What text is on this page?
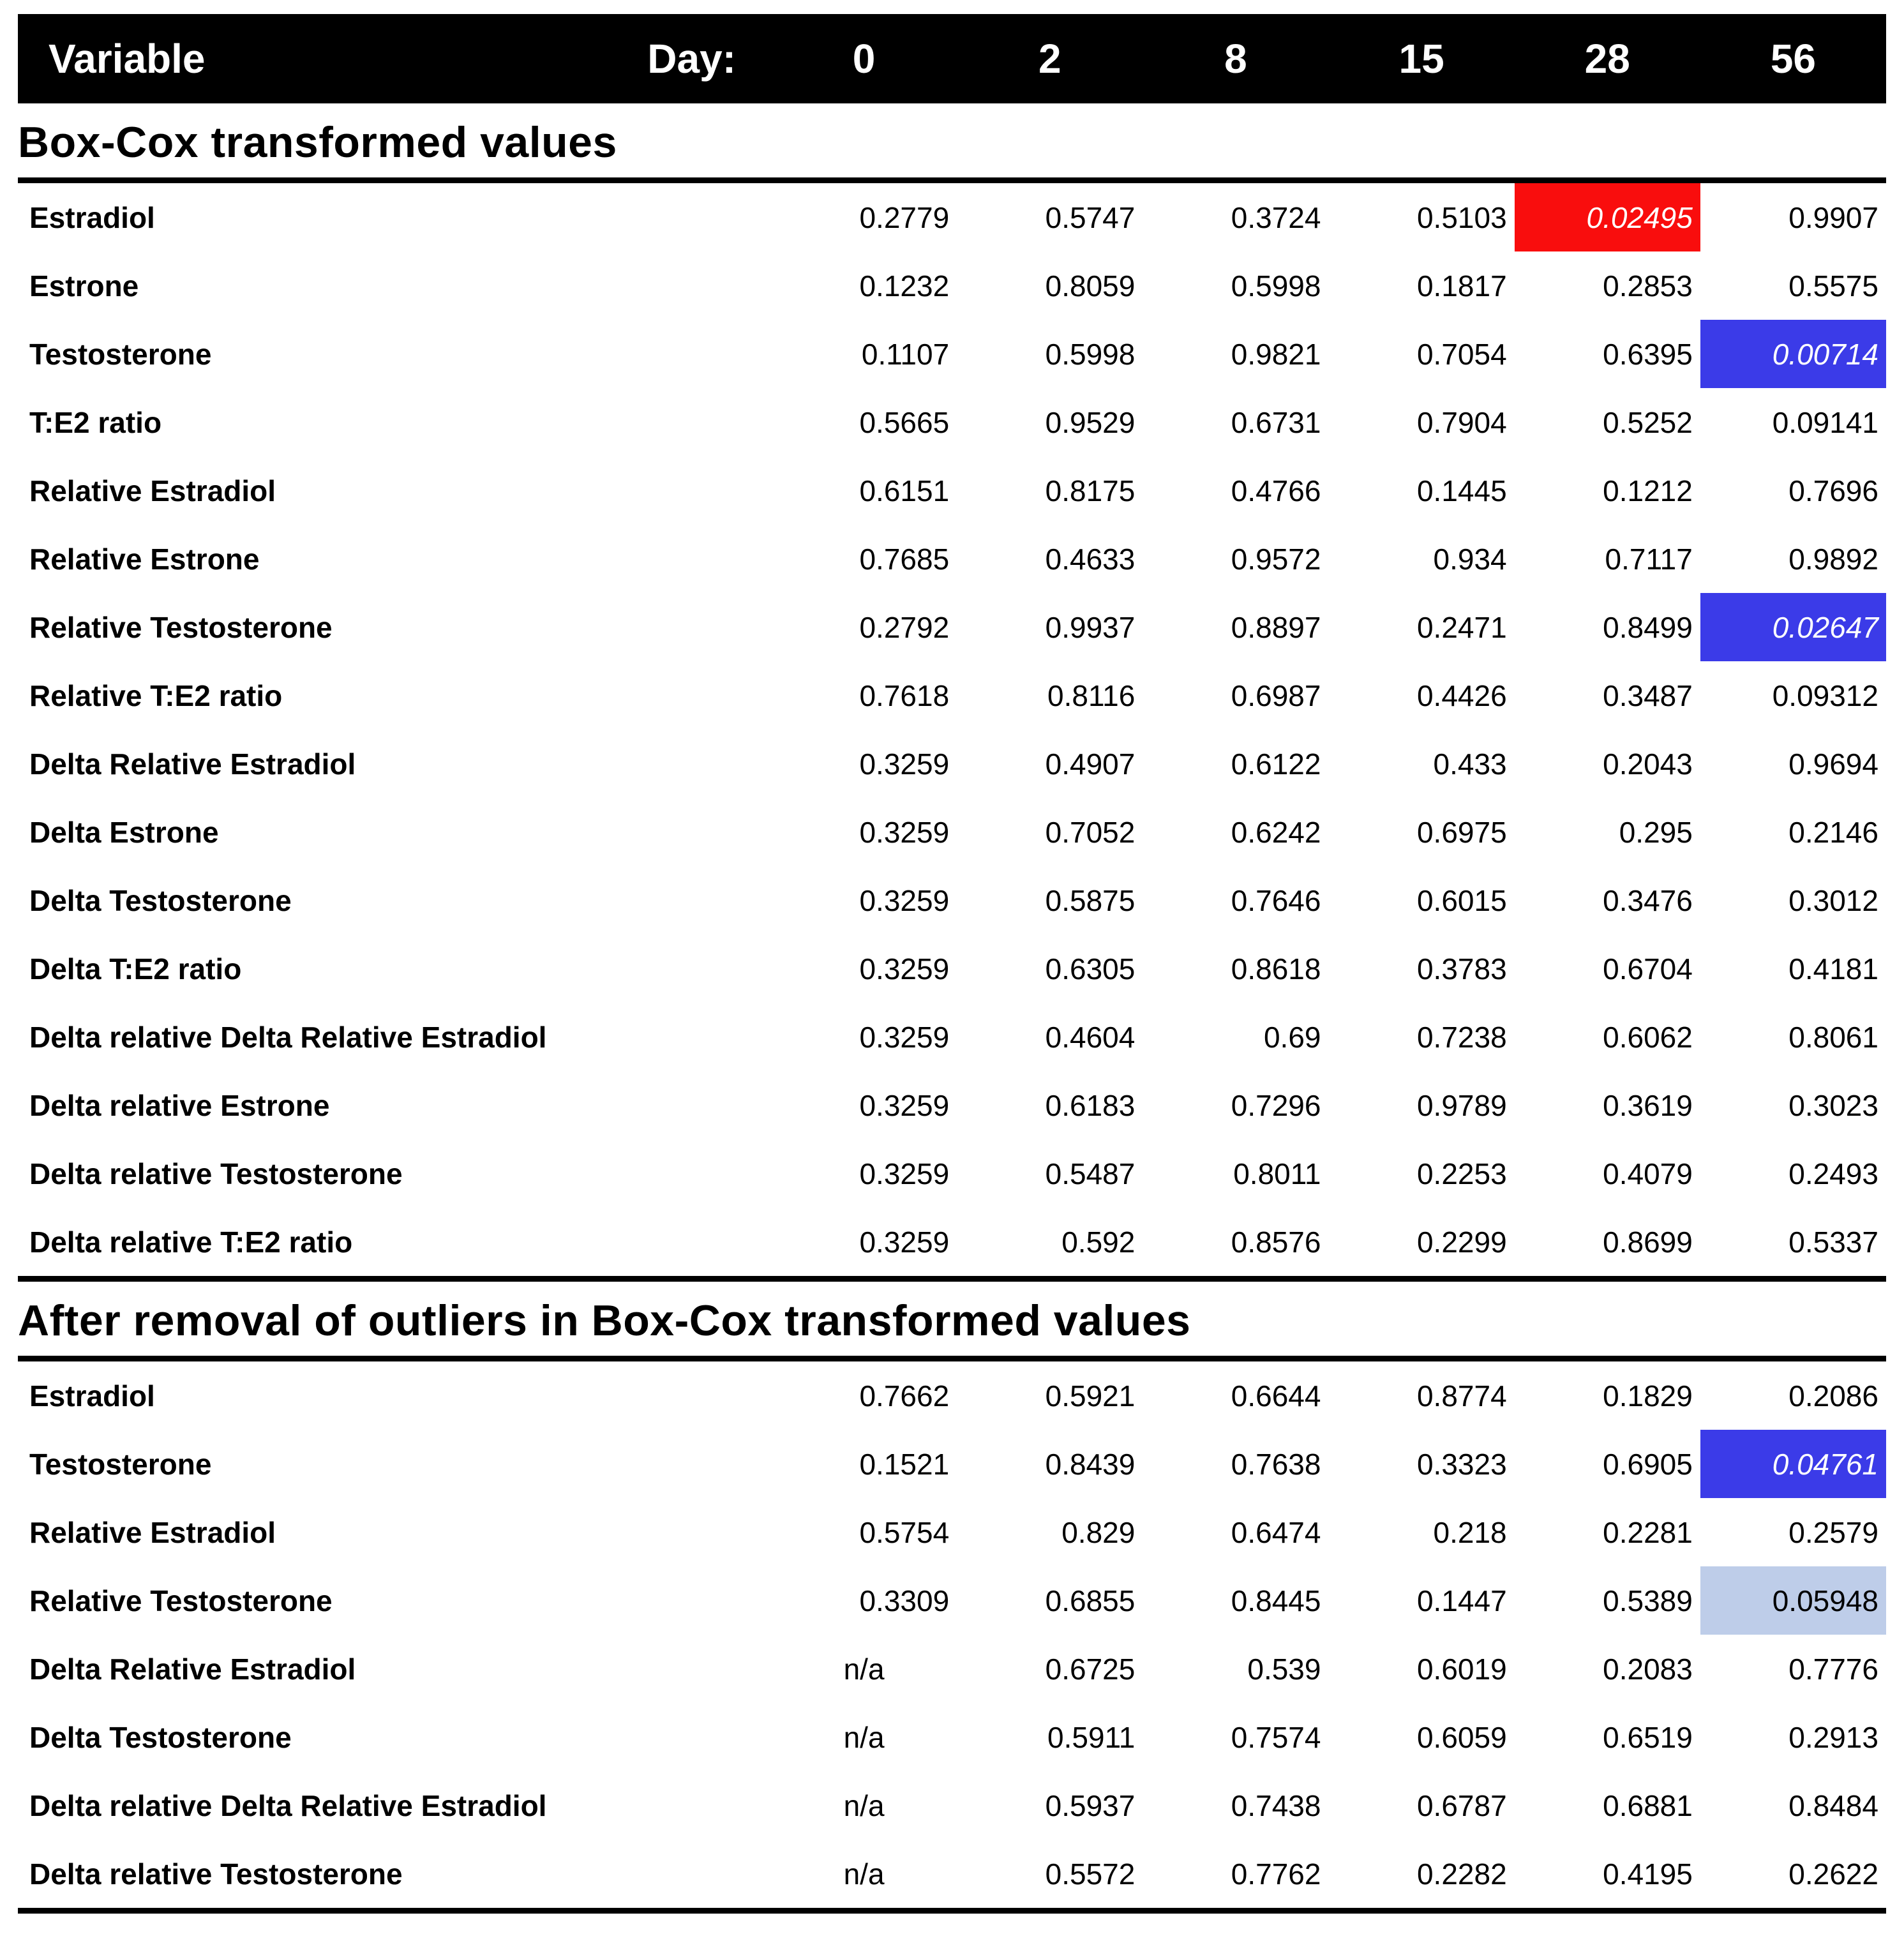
Variable	Day:	0	2	8	15	28	56
Box-Cox transformed values
Estradiol	0.2779	0.5747	0.3724	0.5103	0.02495	0.9907
Estrone	0.1232	0.8059	0.5998	0.1817	0.2853	0.5575
Testosterone	0.1107	0.5998	0.9821	0.7054	0.6395	0.00714
T:E2 ratio	0.5665	0.9529	0.6731	0.7904	0.5252	0.09141
Relative Estradiol	0.6151	0.8175	0.4766	0.1445	0.1212	0.7696
Relative Estrone	0.7685	0.4633	0.9572	0.934	0.7117	0.9892
Relative Testosterone	0.2792	0.9937	0.8897	0.2471	0.8499	0.02647
Relative T:E2 ratio	0.7618	0.8116	0.6987	0.4426	0.3487	0.09312
Delta Relative Estradiol	0.3259	0.4907	0.6122	0.433	0.2043	0.9694
Delta Estrone	0.3259	0.7052	0.6242	0.6975	0.295	0.2146
Delta Testosterone	0.3259	0.5875	0.7646	0.6015	0.3476	0.3012
Delta T:E2 ratio	0.3259	0.6305	0.8618	0.3783	0.6704	0.4181
Delta relative Delta Relative Estradiol	0.3259	0.4604	0.69	0.7238	0.6062	0.8061
Delta relative Estrone	0.3259	0.6183	0.7296	0.9789	0.3619	0.3023
Delta relative Testosterone	0.3259	0.5487	0.8011	0.2253	0.4079	0.2493
Delta relative T:E2 ratio	0.3259	0.592	0.8576	0.2299	0.8699	0.5337
After removal of outliers in Box-Cox transformed values
Estradiol	0.7662	0.5921	0.6644	0.8774	0.1829	0.2086
Testosterone	0.1521	0.8439	0.7638	0.3323	0.6905	0.04761
Relative Estradiol	0.5754	0.829	0.6474	0.218	0.2281	0.2579
Relative Testosterone	0.3309	0.6855	0.8445	0.1447	0.5389	0.05948
Delta Relative Estradiol	n/a	0.6725	0.539	0.6019	0.2083	0.7776
Delta Testosterone	n/a	0.5911	0.7574	0.6059	0.6519	0.2913
Delta relative Delta Relative Estradiol	n/a	0.5937	0.7438	0.6787	0.6881	0.8484
Delta relative Testosterone	n/a	0.5572	0.7762	0.2282	0.4195	0.2622
